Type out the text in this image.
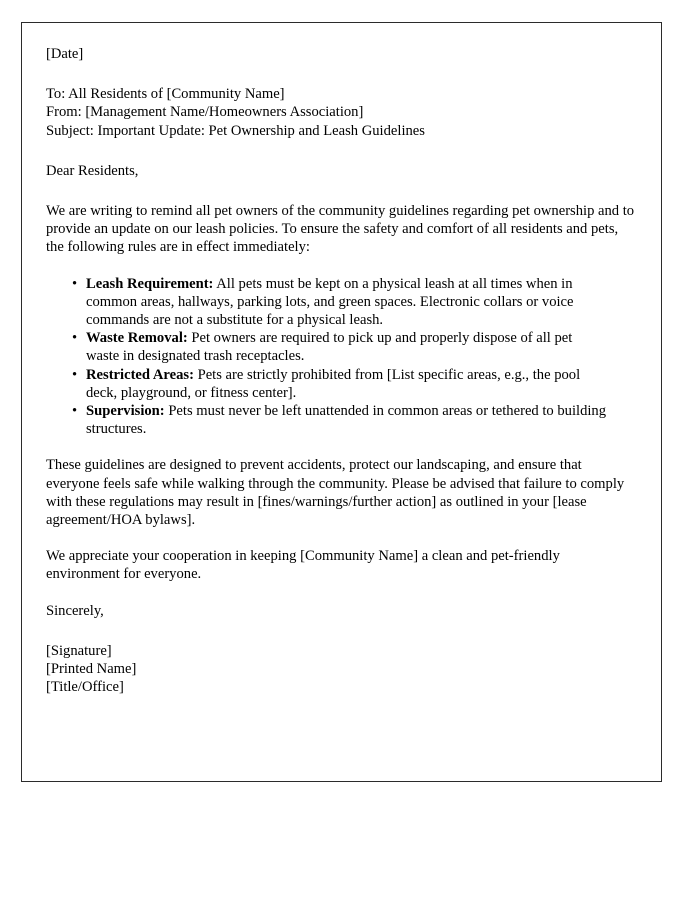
[Date]
To: All Residents of [Community Name]
From: [Management Name/Homeowners Association]
Subject: Important Update: Pet Ownership and Leash Guidelines
Dear Residents,

We are writing to remind all pet owners of the community guidelines regarding pet ownership and to provide an update on our leash policies. To ensure the safety and comfort of all residents and pets, the following rules are in effect immediately:

• Leash Requirement: All pets must be kept on a physical leash at all times when in common areas, hallways, parking lots, and green spaces. Electronic collars or voice commands are not a substitute for a physical leash.
• Waste Removal: Pet owners are required to pick up and properly dispose of all pet waste in designated trash receptacles.
• Restricted Areas: Pets are strictly prohibited from [List specific areas, e.g., the pool deck, playground, or fitness center].
• Supervision: Pets must never be left unattended in common areas or tethered to building structures.

These guidelines are designed to prevent accidents, protect our landscaping, and ensure that everyone feels safe while walking through the community. Please be advised that failure to comply with these regulations may result in [fines/warnings/further action] as outlined in your [lease agreement/HOA bylaws].

We appreciate your cooperation in keeping [Community Name] a clean and pet-friendly environment for everyone.

Sincerely,
[Signature]
[Printed Name]
[Title/Office]
